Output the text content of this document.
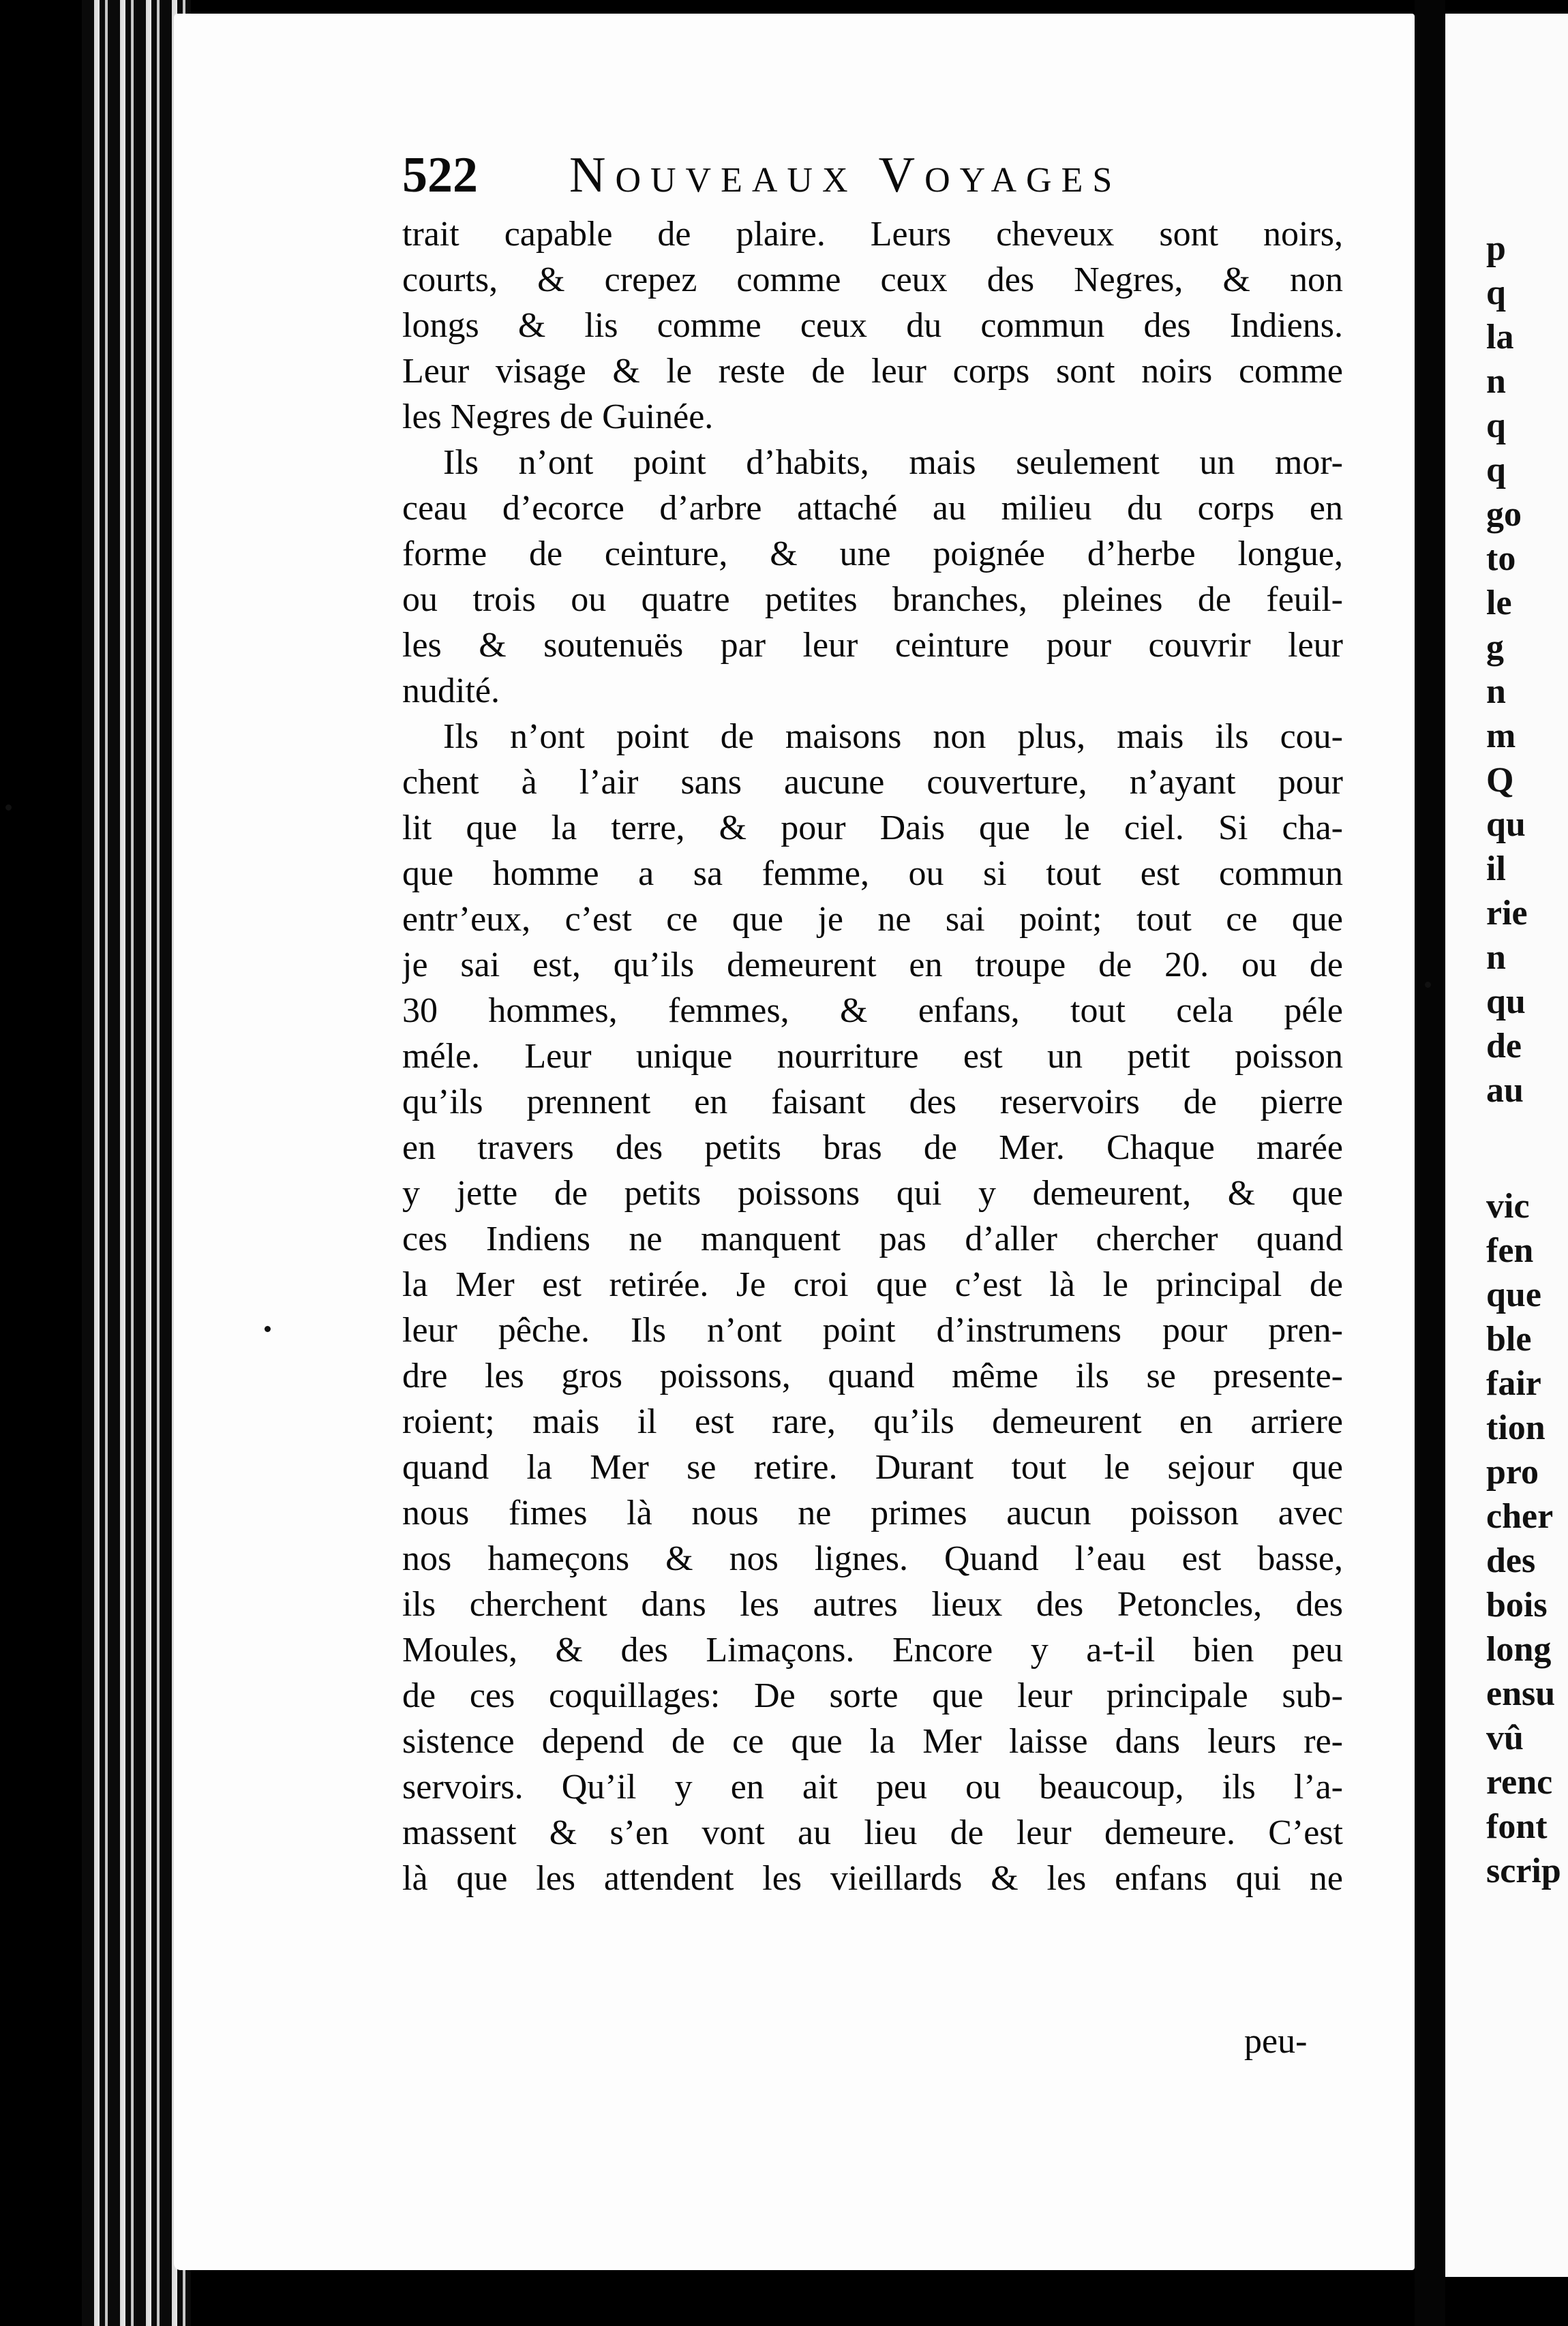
522 Nouveaux Voyages
trait capable de plaire. Leurs cheveux sont noirs,
courts, & crepez comme ceux des Negres, & non
longs & lis comme ceux du commun des Indiens.
Leur visage & le reste de leur corps sont noirs comme
les Negres de Guinée.
Ils n’ont point d’habits, mais seulement un mor-
ceau d’ecorce d’arbre attaché au milieu du corps en
forme de ceinture, & une poignée d’herbe longue,
ou trois ou quatre petites branches, pleines de feuil-
les & soutenuës par leur ceinture pour couvrir leur
nudité.
Ils n’ont point de maisons non plus, mais ils cou-
chent à l’air sans aucune couverture, n’ayant pour
lit que la terre, & pour Dais que le ciel. Si cha-
que homme a sa femme, ou si tout est commun
entr’eux, c’est ce que je ne sai point; tout ce que
je sai est, qu’ils demeurent en troupe de 20. ou de
30 hommes, femmes, & enfans, tout cela péle
méle. Leur unique nourriture est un petit poisson
qu’ils prennent en faisant des reservoirs de pierre
en travers des petits bras de Mer. Chaque marée
y jette de petits poissons qui y demeurent, & que
ces Indiens ne manquent pas d’aller chercher quand
la Mer est retirée. Je croi que c’est là le principal de
leur pêche. Ils n’ont point d’instrumens pour pren-
dre les gros poissons, quand même ils se presente-
roient; mais il est rare, qu’ils demeurent en arriere
quand la Mer se retire. Durant tout le sejour que
nous fimes là nous ne primes aucun poisson avec
nos hameçons & nos lignes. Quand l’eau est basse,
ils cherchent dans les autres lieux des Petoncles, des
Moules, & des Limaçons. Encore y a-t-il bien peu
de ces coquillages: De sorte que leur principale sub-
sistence depend de ce que la Mer laisse dans leurs re-
servoirs. Qu’il y en ait peu ou beaucoup, ils l’a-
massent & s’en vont au lieu de leur demeure. C’est
là que les attendent les vieillards & les enfans qui ne
peu-
p
q
la
n
q
q
go
to
le
g
n
m
Q
qu
il
rie
n
qu
de
au
vic
fen
que
ble
fair
tion
pro
cher
des
bois
long
ensu
vû
renc
font
scrip
